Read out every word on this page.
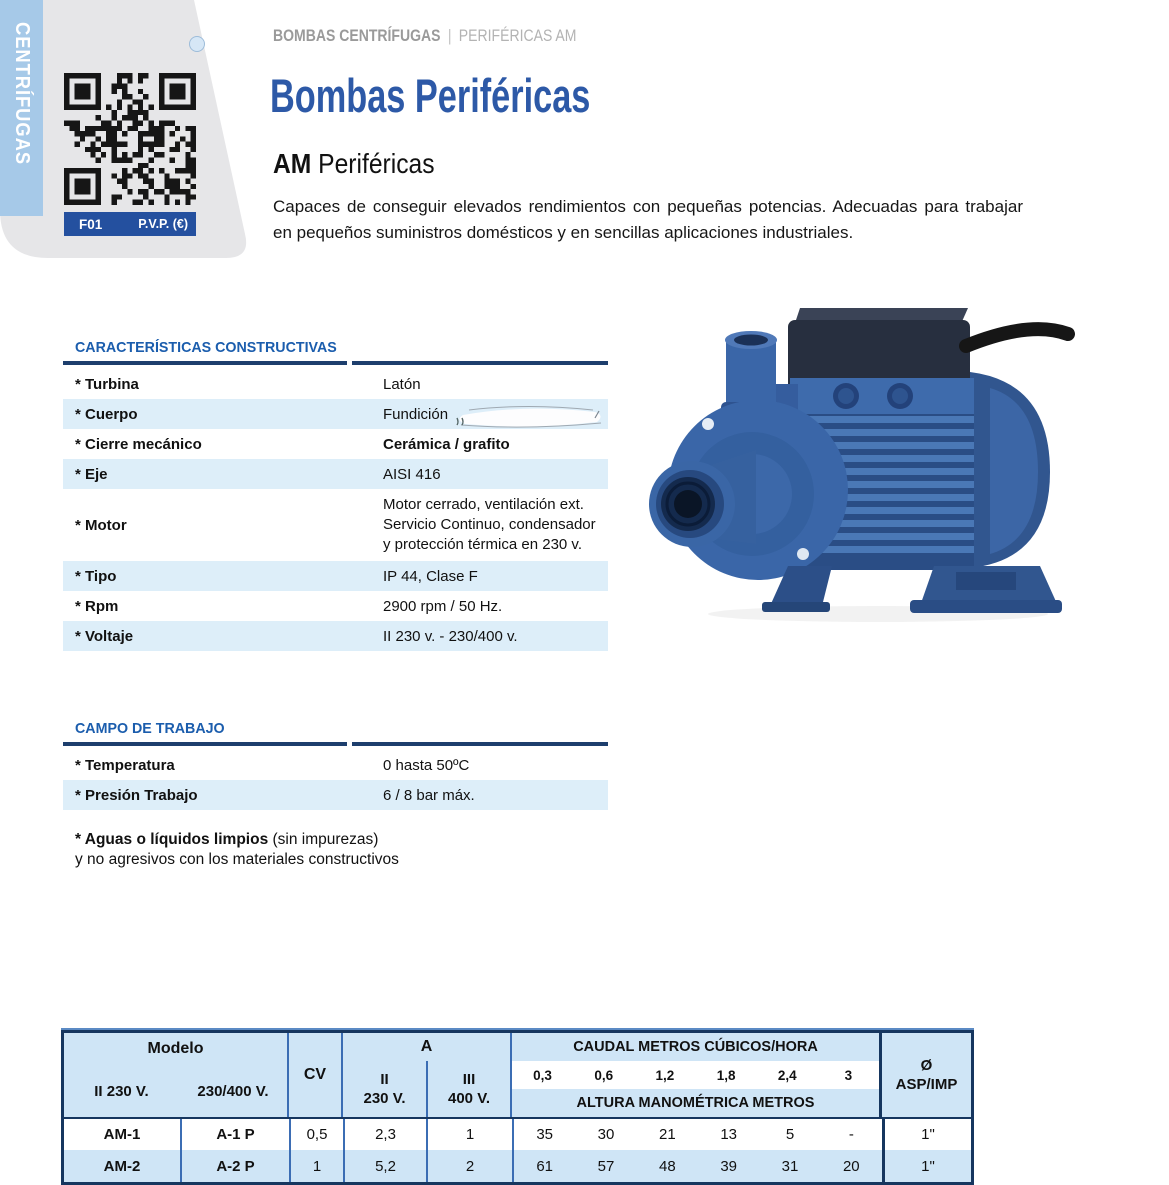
CENTRÍFUGAS
F01	P.V.P. (€)
BOMBAS CENTRÍFUGAS | PERIFÉRICAS AM
Bombas Periféricas
AM Periféricas
Capaces de conseguir elevados rendimientos con pequeñas potencias. Adecuadas para trabajar en pequeños suministros domésticos y en sencillas aplicaciones industriales.
CARACTERÍSTICAS CONSTRUCTIVAS
* Turbina	Latón
* Cuerpo	Fundición
* Cierre mecánico	Cerámica / grafito
* Eje	AISI 416
* Motor
Motor cerrado, ventilación ext. Servicio Continuo, condensador y protección térmica en 230 v.
* Tipo	IP 44, Clase F
* Rpm	2900 rpm / 50 Hz.
* Voltaje	II 230 v. - 230/400 v.
CAMPO DE TRABAJO
* Temperatura	0 hasta 50ºC
* Presión Trabajo	6 / 8 bar máx.
* Aguas o líquidos limpios (sin impurezas)
y no agresivos con los materiales constructivos
Modelo
II 230 V.	230/400 V.
CV
A
II
230 V.
III
400 V.
CAUDAL METROS CÚBICOS/HORA
0,3	0,6	1,2	1,8	2,4	3
ALTURA MANOMÉTRICA METROS
Ø
ASP/IMP
AM-1	A-1 P	0,5	2,3	1	35	30	21	13	5	-	1"
AM-2	A-2 P	1	5,2	2	61	57	48	39	31	20	1"
